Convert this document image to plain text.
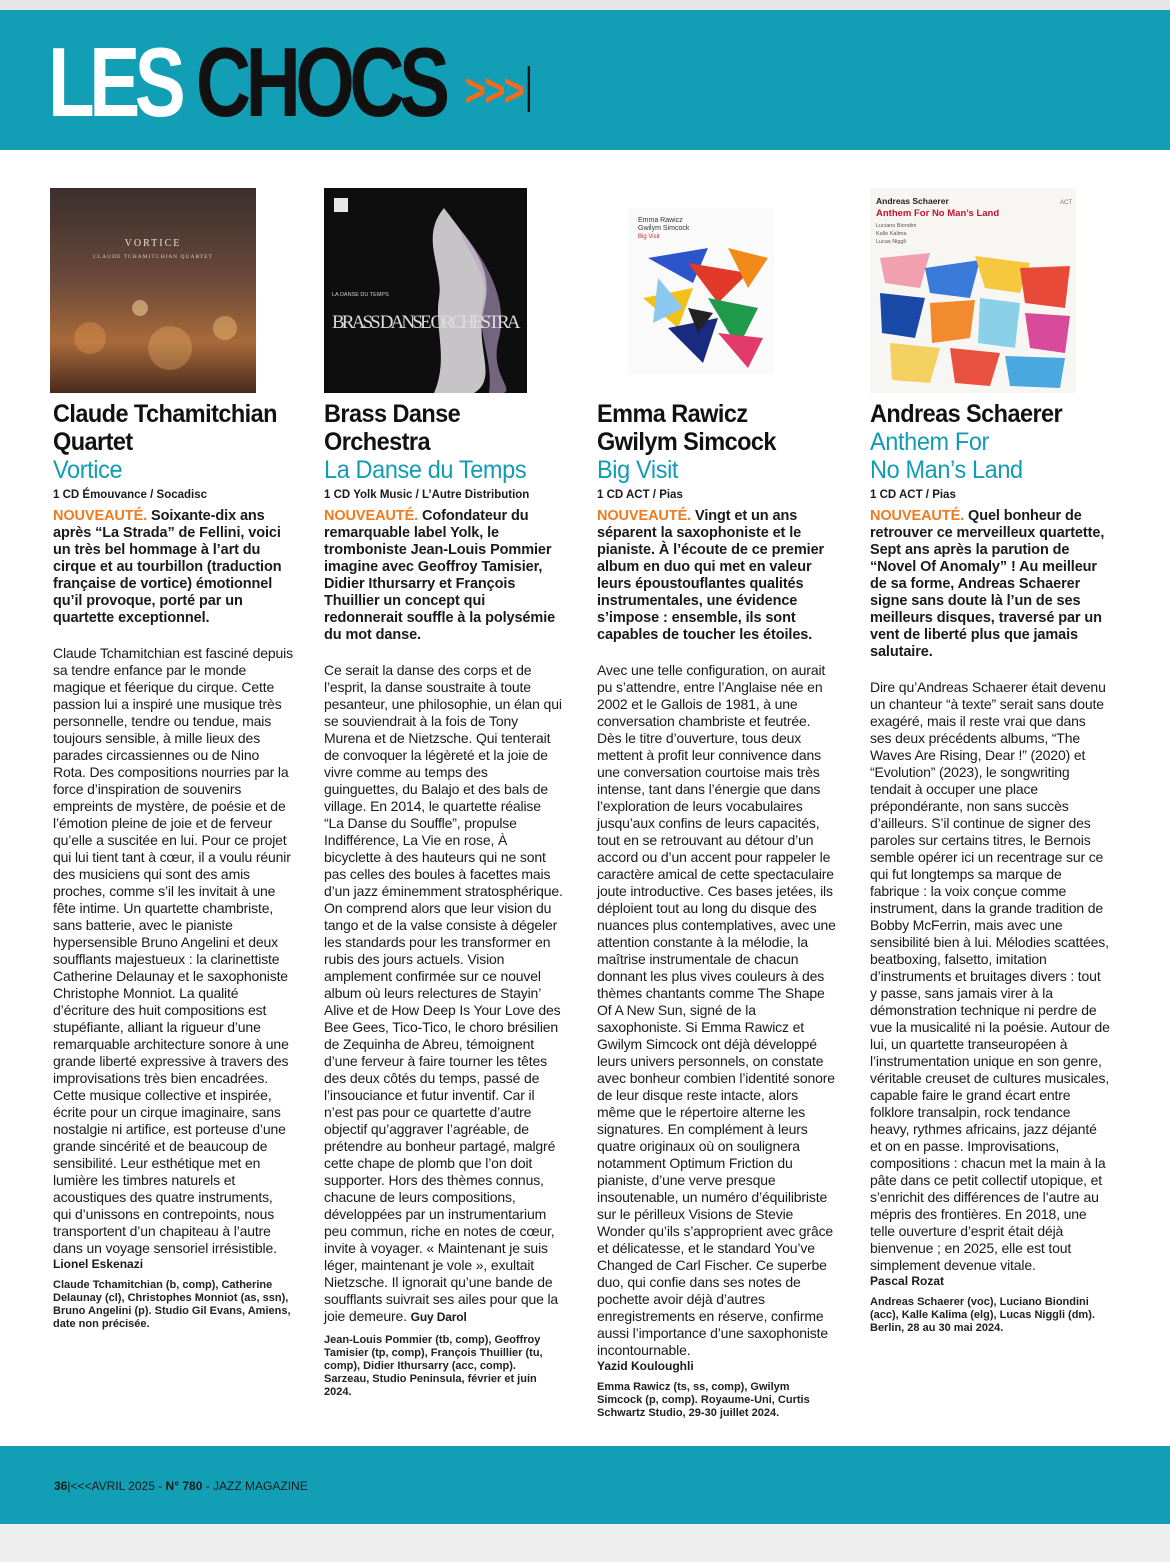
LES CHOCS >>>
VORTICE
CLAUDE TCHAMITCHIAN QUARTET
LA DANSE DU TEMPS
BRASS DANSE ORCHESTRA
Emma Rawicz
Gwilym Simcock
Big Visit
Andreas Schaerer
Anthem For No Man’s Land
Luciano Biondini
Kalle Kalima
Lucas Niggli
ACT
Claude Tchamitchian
Quartet
Vortice
1 CD Émouvance / Socadisc
NOUVEAUTÉ. Soixante-dix ans après “La Strada” de Fellini, voici un très bel hommage à l’art du cirque et au tourbillon (traduction française de vortice) émotionnel qu’il provoque, porté par un quartette exceptionnel.
Claude Tchamitchian est fasciné depuis sa tendre enfance par le monde magique et féerique du cirque. Cette passion lui a inspiré une musique très personnelle, tendre ou tendue, mais toujours sensible, à mille lieux des parades circassiennes ou de Nino Rota. Des compositions nourries par la force d’inspiration de souvenirs empreints de mystère, de poésie et de l’émotion pleine de joie et de ferveur qu’elle a suscitée en lui. Pour ce projet qui lui tient tant à cœur, il a voulu réunir des musiciens qui sont des amis proches, comme s’il les invitait à une fête intime. Un quartette chambriste, sans batterie, avec le pianiste hypersensible Bruno Angelini et deux soufflants majestueux : la clarinettiste Catherine Delaunay et le saxophoniste Christophe Monniot. La qualité d’écriture des huit compositions est stupéfiante, alliant la rigueur d’une remarquable architecture sonore à une grande liberté expressive à travers des improvisations très bien encadrées. Cette musique collective et inspirée, écrite pour un cirque imaginaire, sans nostalgie ni artifice, est porteuse d’une grande sincérité et de beaucoup de sensibilité. Leur esthétique met en lumière les timbres naturels et acoustiques des quatre instruments, qui d’unissons en contrepoints, nous transportent d’un chapiteau à l’autre dans un voyage sensoriel irrésistible.
Lionel Eskenazi
Claude Tchamitchian (b, comp), Catherine Delaunay (cl), Christophes Monniot (as, ssn), Bruno Angelini (p). Studio Gil Evans, Amiens, date non précisée.
Brass Danse
Orchestra
La Danse du Temps
1 CD Yolk Music / L’Autre Distribution
NOUVEAUTÉ. Cofondateur du remarquable label Yolk, le tromboniste Jean-Louis Pommier imagine avec Geoffroy Tamisier, Didier Ithursarry et François Thuillier un concept qui redonnerait souffle à la polysémie du mot danse.
Ce serait la danse des corps et de l’esprit, la danse soustraite à toute pesanteur, une philosophie, un élan qui se souviendrait à la fois de Tony Murena et de Nietzsche. Qui tenterait de convoquer la légèreté et la joie de vivre comme au temps des guinguettes, du Balajo et des bals de village. En 2014, le quartette réalise “La Danse du Souffle”, propulse Indifférence, La Vie en rose, À bicyclette à des hauteurs qui ne sont pas celles des boules à facettes mais d’un jazz éminemment stratosphérique. On comprend alors que leur vision du tango et de la valse consiste à dégeler les standards pour les transformer en rubis des jours actuels. Vision amplement confirmée sur ce nouvel album où leurs relectures de Stayin’ Alive et de How Deep Is Your Love des Bee Gees, Tico-Tico, le choro brésilien de Zequinha de Abreu, témoignent d’une ferveur à faire tourner les têtes des deux côtés du temps, passé de l’insouciance et futur inventif. Car il n’est pas pour ce quartette d’autre objectif qu’aggraver l’agréable, de prétendre au bonheur partagé, malgré cette chape de plomb que l’on doit supporter. Hors des thèmes connus, chacune de leurs compositions, développées par un instrumentarium peu commun, riche en notes de cœur, invite à voyager. « Maintenant je suis léger, maintenant je vole », exultait Nietzsche. Il ignorait qu’une bande de soufflants suivrait ses ailes pour que la joie demeure. Guy Darol
Jean-Louis Pommier (tb, comp), Geoffroy Tamisier (tp, comp), François Thuillier (tu, comp), Didier Ithursarry (acc, comp). Sarzeau, Studio Peninsula, février et juin 2024.
Emma Rawicz
Gwilym Simcock
Big Visit
1 CD ACT / Pias
NOUVEAUTÉ. Vingt et un ans séparent la saxophoniste et le pianiste. À l’écoute de ce premier album en duo qui met en valeur leurs époustouflantes qualités instrumentales, une évidence s’impose : ensemble, ils sont capables de toucher les étoiles.
Avec une telle configuration, on aurait pu s’attendre, entre l’Anglaise née en 2002 et le Gallois de 1981, à une conversation chambriste et feutrée. Dès le titre d’ouverture, tous deux mettent à profit leur connivence dans une conversation courtoise mais très intense, tant dans l’énergie que dans l’exploration de leurs vocabulaires jusqu’aux confins de leurs capacités, tout en se retrouvant au détour d’un accord ou d’un accent pour rappeler le caractère amical de cette spectaculaire joute introductive. Ces bases jetées, ils déploient tout au long du disque des nuances plus contemplatives, avec une attention constante à la mélodie, la maîtrise instrumentale de chacun donnant les plus vives couleurs à des thèmes chantants comme The Shape Of A New Sun, signé de la saxophoniste. Si Emma Rawicz et Gwilym Simcock ont déjà développé leurs univers personnels, on constate avec bonheur combien l’identité sonore de leur disque reste intacte, alors même que le répertoire alterne les signatures. En complément à leurs quatre originaux où on soulignera notamment Optimum Friction du pianiste, d’une verve presque insoutenable, un numéro d’équilibriste sur le périlleux Visions de Stevie Wonder qu’ils s’approprient avec grâce et délicatesse, et le standard You’ve Changed de Carl Fischer. Ce superbe duo, qui confie dans ses notes de pochette avoir déjà d’autres enregistrements en réserve, confirme aussi l’importance d’une saxophoniste incontournable.
Yazid Kouloughli
Emma Rawicz (ts, ss, comp), Gwilym Simcock (p, comp). Royaume-Uni, Curtis Schwartz Studio, 29-30 juillet 2024.
Andreas Schaerer
Anthem For
No Man’s Land
1 CD ACT / Pias
NOUVEAUTÉ. Quel bonheur de retrouver ce merveilleux quartette, Sept ans après la parution de “Novel Of Anomaly” ! Au meilleur de sa forme, Andreas Schaerer signe sans doute là l’un de ses meilleurs disques, traversé par un vent de liberté plus que jamais salutaire.
Dire qu’Andreas Schaerer était devenu un chanteur “à texte” serait sans doute exagéré, mais il reste vrai que dans ses deux précédents albums, “The Waves Are Rising, Dear !” (2020) et “Evolution” (2023), le songwriting tendait à occuper une place prépondérante, non sans succès d’ailleurs. S’il continue de signer des paroles sur certains titres, le Bernois semble opérer ici un recentrage sur ce qui fut longtemps sa marque de fabrique : la voix conçue comme instrument, dans la grande tradition de Bobby McFerrin, mais avec une sensibilité bien à lui. Mélodies scattées, beatboxing, falsetto, imitation d’instruments et bruitages divers : tout y passe, sans jamais virer à la démonstration technique ni perdre de vue la musicalité ni la poésie. Autour de lui, un quartette transeuropéen à l’instrumentation unique en son genre, véritable creuset de cultures musicales, capable faire le grand écart entre folklore transalpin, rock tendance heavy, rythmes africains, jazz déjanté et on en passe. Improvisations, compositions : chacun met la main à la pâte dans ce petit collectif utopique, et s’enrichit des différences de l’autre au mépris des frontières. En 2018, une telle ouverture d’esprit était déjà bienvenue ; en 2025, elle est tout simplement devenue vitale.
Pascal Rozat
Andreas Schaerer (voc), Luciano Biondini (acc), Kalle Kalima (elg), Lucas Niggli (dm). Berlin, 28 au 30 mai 2024.
36|<<<AVRIL 2025 - N° 780 - JAZZ MAGAZINE
